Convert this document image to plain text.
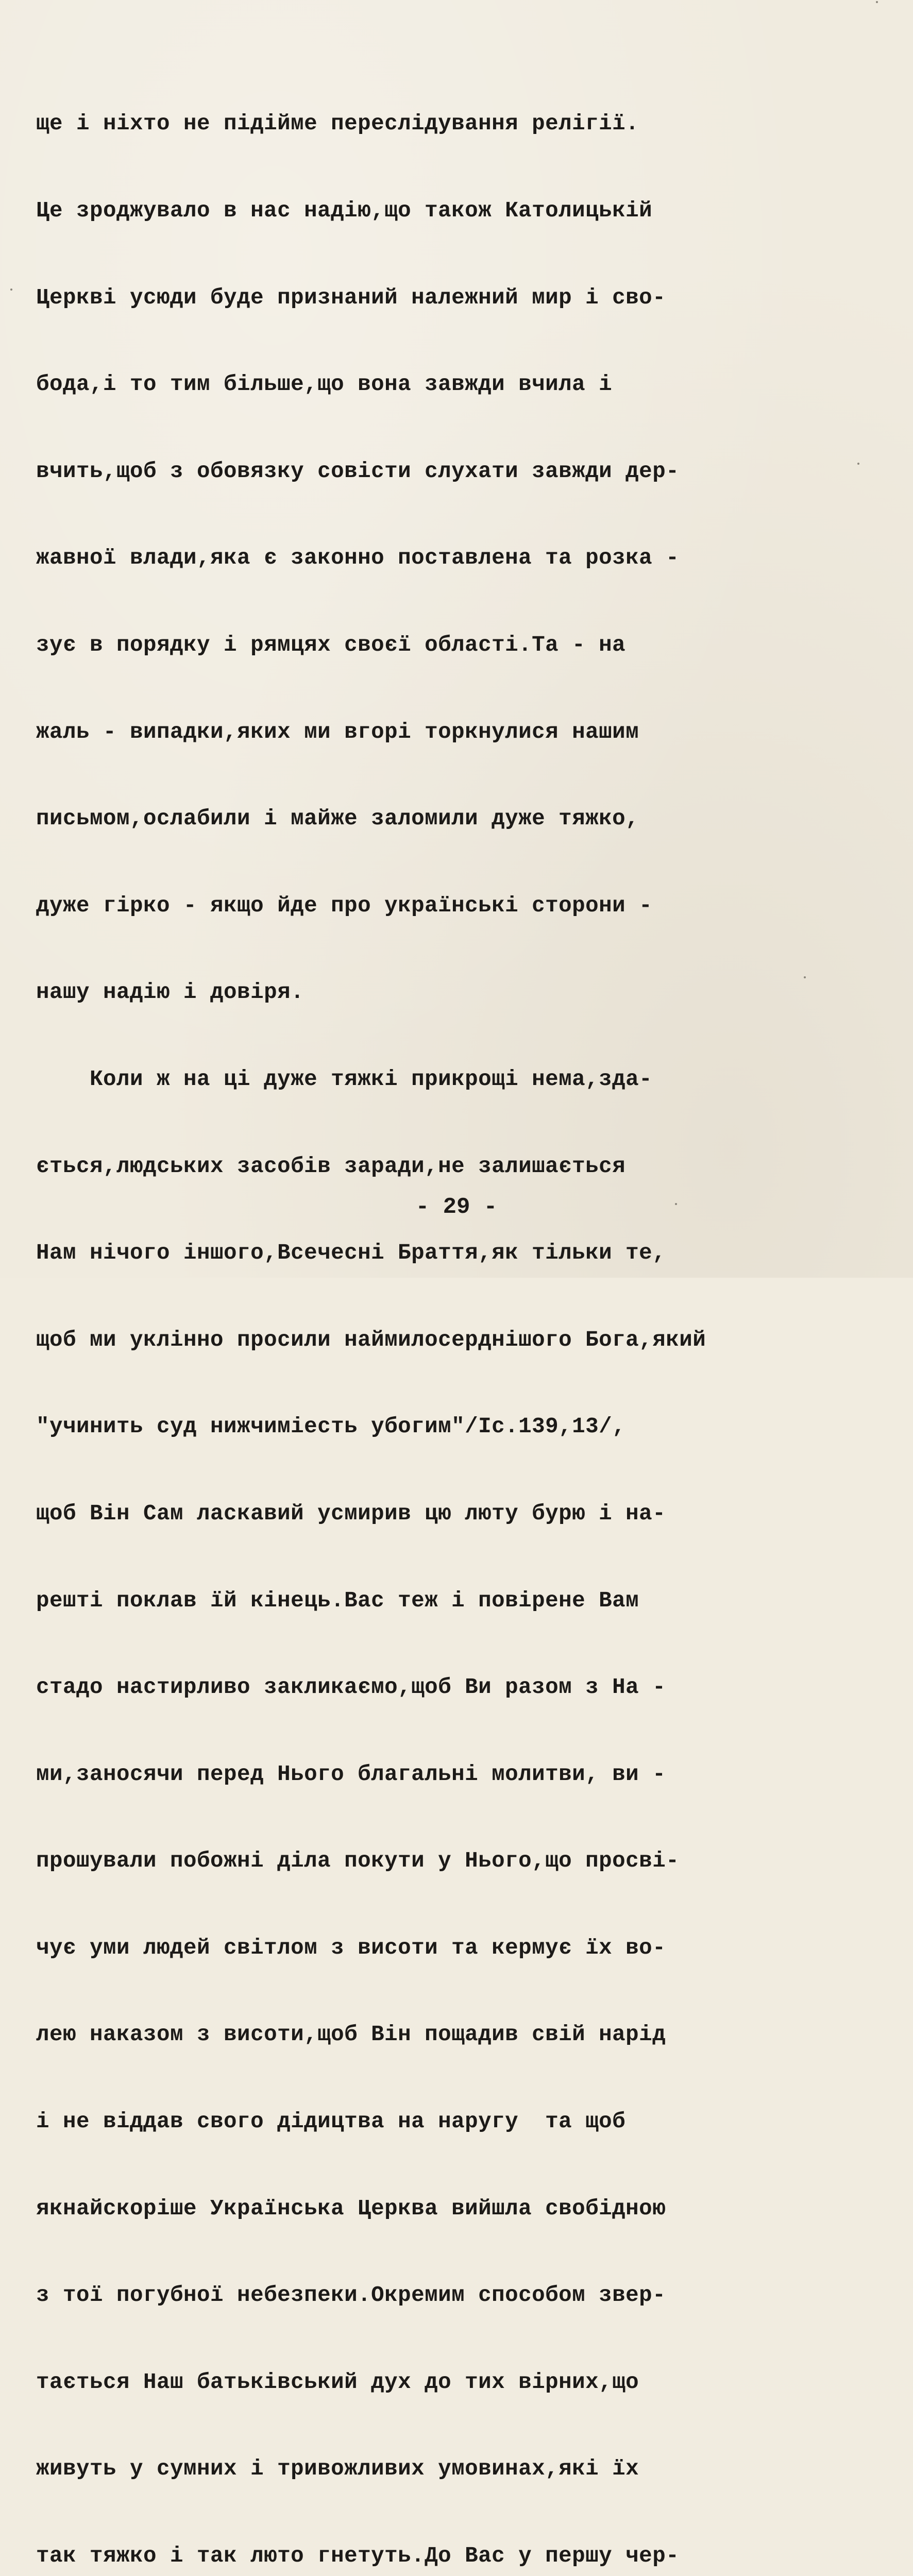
ще і ніхто не підійме переслідування релігії.

Це зроджувало в нас надію,що також Католицькій

Церкві усюди буде признаний належний мир і сво-

бода,і то тим більше,що вона завжди вчила і

вчить,щоб з обовязку совісти слухати завжди дер-

жавної влади,яка є законно поставлена та розка -

зує в порядку і рямцях своєї області.Та - на

жаль - випадки,яких ми вгорі торкнулися нашим

письмом,ослабили і майже заломили дуже тяжко,

дуже гірко - якщо йде про українські сторони -

нашу надію і довіря.

Коли ж на ці дуже тяжкі прикрощі нема,зда-

ється,людських засобів заради,не залишається

Нам нічого іншого,Всечесні Браття,як тільки те,

щоб ми уклінно просили наймилосерднішого Бога,який

"учинить суд нижчиміесть убогим"/Іс.139,13/,

щоб Він Сам ласкавий усмирив цю люту бурю і на-

решті поклав їй кінець.Вас теж і повірене Вам

стадо настирливо закликаємо,щоб Ви разом з На -

ми,заносячи перед Нього благальні молитви, ви -

прошували побожні діла покути у Нього,що просві-

чує уми людей світлом з висоти та кермує їх во-

лею наказом з висоти,щоб Він пощадив свій нарід

і не віддав свого дідицтва на наругу  та щоб

якнайскоріше Українська Церква вийшла свобідною

з тої погубної небезпеки.Окремим способом звер-

тається Наш батьківський дух до тих вірних,що

живуть у сумних і тривожливих умовинах,які їх

так тяжко і так люто гнетуть.До Вас у першу чер-

- 29 -
